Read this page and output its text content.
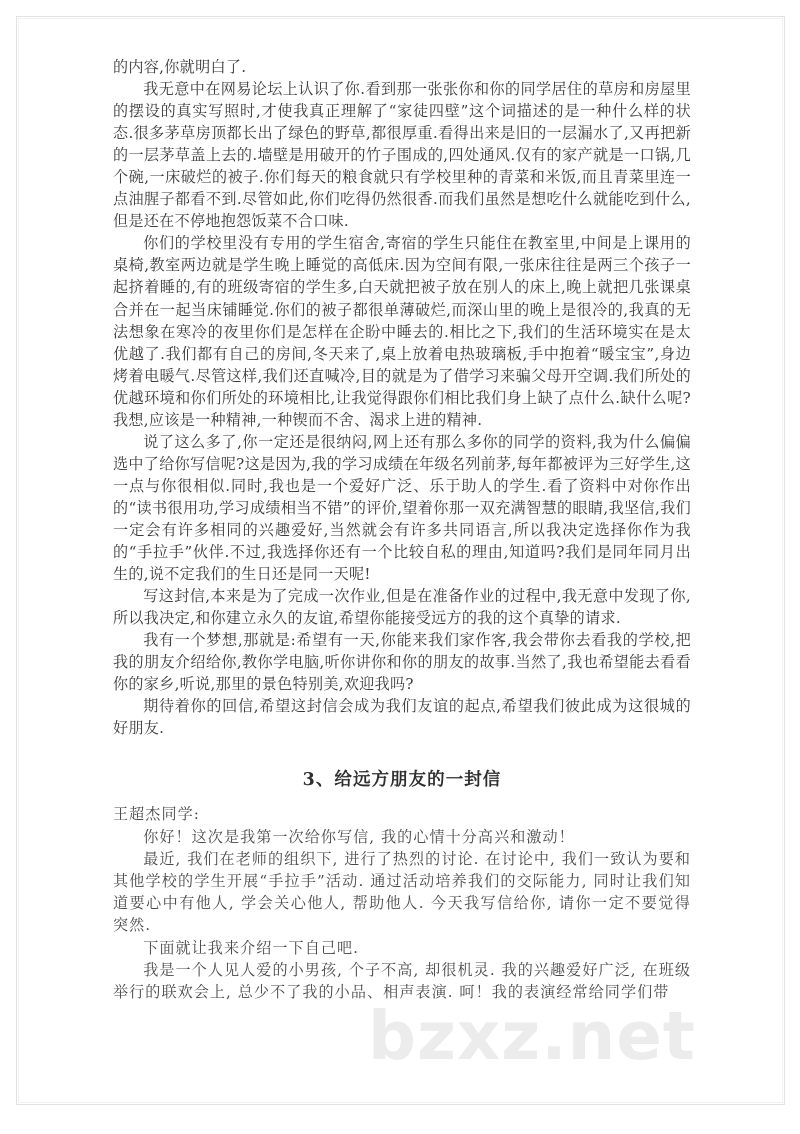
的内容,你就明白了.

我无意中在网易论坛上认识了你.看到那一张张你和你的同学居住的草房和房屋里的摆设的真实写照时,才使我真正理解了“家徒四壁”这个词描述的是一种什么样的状态.很多茅草房顶都长出了绿色的野草,都很厚重.看得出来是旧的一层漏水了,又再把新的一层茅草盖上去的.墙壁是用破开的竹子围成的,四处通风.仅有的家产就是一口锅,几个碗,一床破烂的被子.你们每天的粮食就只有学校里种的青菜和米饭,而且青菜里连一点油腥子都看不到.尽管如此,你们吃得仍然很香.而我们虽然是想吃什么就能吃到什么,但是还在不停地抱怨饭菜不合口味.

你们的学校里没有专用的学生宿舍,寄宿的学生只能住在教室里,中间是上课用的桌椅,教室两边就是学生晚上睡觉的高低床.因为空间有限,一张床往往是两三个孩子一起挤着睡的,有的班级寄宿的学生多,白天就把被子放在别人的床上,晚上就把几张课桌合并在一起当床铺睡觉.你们的被子都很单薄破烂,而深山里的晚上是很冷的,我真的无法想象在寒冷的夜里你们是怎样在企盼中睡去的.相比之下,我们的生活环境实在是太优越了.我们都有自己的房间,冬天来了,桌上放着电热玻璃板,手中抱着“暖宝宝”,身边烤着电暖气.尽管这样,我们还直喊冷,目的就是为了借学习来骗父母开空调.我们所处的优越环境和你们所处的环境相比,让我觉得跟你们相比我们身上缺了点什么.缺什么呢?我想,应该是一种精神,一种锲而不舍、渴求上进的精神.

说了这么多了,你一定还是很纳闷,网上还有那么多你的同学的资料,我为什么偏偏选中了给你写信呢?这是因为,我的学习成绩在年级名列前茅,每年都被评为三好学生,这一点与你很相似.同时,我也是一个爱好广泛、乐于助人的学生.看了资料中对你作出的“读书很用功,学习成绩相当不错”的评价,望着你那一双充满智慧的眼睛,我坚信,我们一定会有许多相同的兴趣爱好,当然就会有许多共同语言,所以我决定选择你作为我的“手拉手”伙伴.不过,我选择你还有一个比较自私的理由,知道吗?我们是同年同月出生的,说不定我们的生日还是同一天呢!

写这封信,本来是为了完成一次作业,但是在准备作业的过程中,我无意中发现了你,所以我决定,和你建立永久的友谊,希望你能接受远方的我的这个真挚的请求.

我有一个梦想,那就是:希望有一天,你能来我们家作客,我会带你去看我的学校,把我的朋友介绍给你,教你学电脑,听你讲你和你的朋友的故事.当然了,我也希望能去看看你的家乡,听说,那里的景色特别美,欢迎我吗?

期待着你的回信,希望这封信会成为我们友谊的起点,希望我们彼此成为这很城的好朋友.

3、给远方朋友的一封信

王超杰同学:

你好！这次是我第一次给你写信, 我的心情十分高兴和激动！

最近, 我们在老师的组织下, 进行了热烈的讨论. 在讨论中, 我们一致认为要和其他学校的学生开展“手拉手”活动. 通过活动培养我们的交际能力, 同时让我们知道要心中有他人, 学会关心他人, 帮助他人. 今天我写信给你, 请你一定不要觉得突然.

下面就让我来介绍一下自己吧.

我是一个人见人爱的小男孩, 个子不高, 却很机灵. 我的兴趣爱好广泛, 在班级举行的联欢会上, 总少不了我的小品、相声表演. 呵！我的表演经常给同学们带

bzxz.net
